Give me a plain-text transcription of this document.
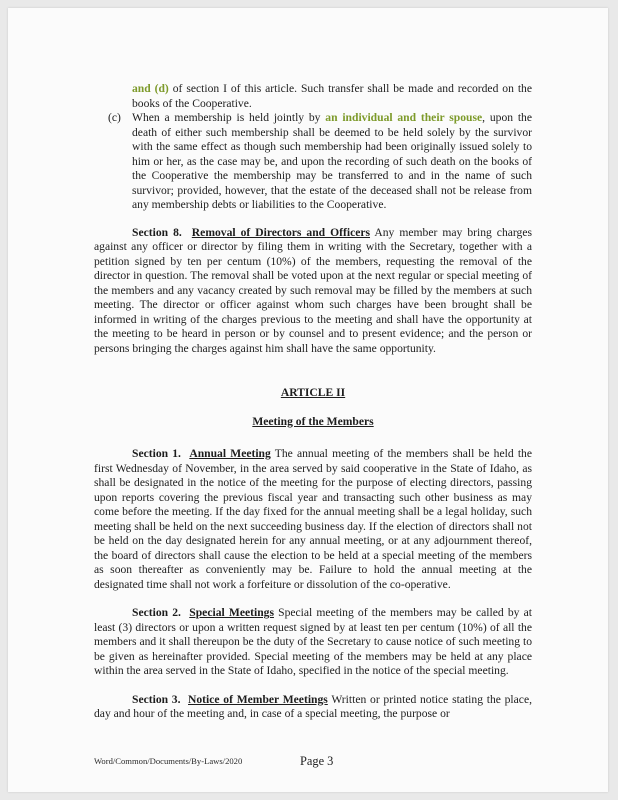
and (d) of section I of this article. Such transfer shall be made and recorded on the books of the Cooperative.

(c) When a membership is held jointly by an individual and their spouse, upon the death of either such membership shall be deemed to be held solely by the survivor with the same effect as though such membership had been originally issued solely to him or her, as the case may be, and upon the recording of such death on the books of the Cooperative the membership may be transferred to and in the name of such survivor; provided, however, that the estate of the deceased shall not be release from any membership debts or liabilities to the Cooperative.

Section 8. Removal of Directors and Officers Any member may bring charges against any officer or director by filing them in writing with the Secretary, together with a petition signed by ten per centum (10%) of the members, requesting the removal of the director in question. The removal shall be voted upon at the next regular or special meeting of the members and any vacancy created by such removal may be filled by the members at such meeting. The director or officer against whom such charges have been brought shall be informed in writing of the charges previous to the meeting and shall have the opportunity at the meeting to be heard in person or by counsel and to present evidence; and the person or persons bringing the charges against him shall have the same opportunity.

ARTICLE II

Meeting of the Members

Section 1. Annual Meeting The annual meeting of the members shall be held the first Wednesday of November, in the area served by said cooperative in the State of Idaho, as shall be designated in the notice of the meeting for the purpose of electing directors, passing upon reports covering the previous fiscal year and transacting such other business as may come before the meeting. If the day fixed for the annual meeting shall be a legal holiday, such meeting shall be held on the next succeeding business day. If the election of directors shall not be held on the day designated herein for any annual meeting, or at any adjournment thereof, the board of directors shall cause the election to be held at a special meeting of the members as soon thereafter as conveniently may be. Failure to hold the annual meeting at the designated time shall not work a forfeiture or dissolution of the co-operative.

Section 2. Special Meetings Special meeting of the members may be called by at least (3) directors or upon a written request signed by at least ten per centum (10%) of all the members and it shall thereupon be the duty of the Secretary to cause notice of such meeting to be given as hereinafter provided. Special meeting of the members may be held at any place within the area served in the State of Idaho, specified in the notice of the special meeting.

Section 3. Notice of Member Meetings Written or printed notice stating the place, day and hour of the meeting and, in case of a special meeting, the purpose or

Word/Common/Documents/By-Laws/2020	Page 3
